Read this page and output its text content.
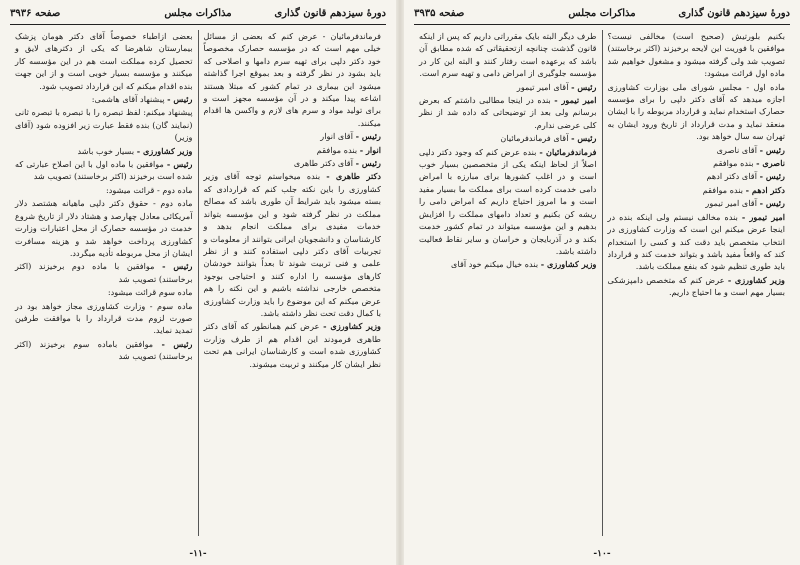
دورهٔ سیزدهم قانون گذاری
مذاکرات مجلس
صفحه ۳۹۳۶

فرماندفرمائیان - عرض کنم که بعضی از مسائل خیلی مهم است که در مؤسسه حصارک مخصوصاً خود دکتر دلپی برای تهیه سرم دامها و اصلاحی که باید بشود در نظر گرفته و بعد بموقع اجرا گذاشته میشود این بیماری در تمام کشور که مبتلا هستند اشاعه پیدا میکند و در آن مؤسسه مجهز است و برای تولید مواد و سرم های لازم و واکسن ها اقدام میکنند.

رئیس - آقای انوار

انوار - بنده موافقم

رئیس - آقای دکتر طاهری

دکتر طاهری - بنده میخواستم توجه آقای وزیر کشاورزی را باین نکته جلب کنم که قراردادی که بسته میشود باید شرایط آن طوری باشد که مصالح مملکت در نظر گرفته شود و این مؤسسه بتواند خدمات مفیدی برای مملکت انجام بدهد و کارشناسان و دانشجویان ایرانی بتوانند از معلومات و تجربیات آقای دکتر دلپی استفاده کنند و از نظر علمی و فنی تربیت شوند تا بعداً بتوانند خودشان کارهای مؤسسه را اداره کنند و احتیاجی بوجود متخصص خارجی نداشته باشیم و این نکته را هم عرض میکنم که این موضوع را باید وزارت کشاورزی با کمال دقت تحت نظر داشته باشد.

وزیر کشاورزی - عرض کنم همانطور که آقای دکتر طاهری فرمودند این اقدام هم از طرف وزارت کشاورزی شده است و کارشناسان ایرانی هم تحت نظر ایشان کار میکنند و تربیت میشوند.

بعضی ازاطباء خصوصاً آقای دکتر هومان پزشک بیمارستان شاهرضا که یکی از دکترهای لایق و تحصیل کرده مملکت است هم در این مؤسسه کار میکنند و مؤسسه بسیار خوبی است و از این جهت بنده اقدام میکنم که این قرارداد تصویب شود.

رئیس - پیشنهاد آقای هاشمی:

پیشنهاد میکنم: لفظ تبصره را با تبصره با تبصره ثانی (نمایند گان) بنده فقط عبارت زیر افزوده شود (آقای وزیر)

وزیر کشاورزی - بسیار خوب باشد

رئیس - موافقین با ماده اول با این اصلاح عبارتی که شده است برخیزند (اکثر برخاستند) تصویب شد

ماده دوم - قرائت میشود:

ماده دوم - حقوق دکتر دلپی ماهیانه هشتصد دلار آمریکائی معادل چهارصد و هشتاد دلار از تاریخ شروع خدمت در مؤسسه حصارک از محل اعتبارات وزارت کشاورزی پرداخت خواهد شد و هزینه مسافرت ایشان از محل مربوطه تأدیه میگردد.

رئیس - موافقین با ماده دوم برخیزند (اکثر برخاستند) تصویب شد

ماده سوم قرائت میشود:

ماده سوم - وزارت کشاورزی مجاز خواهد بود در صورت لزوم مدت قرارداد را با موافقت طرفین تمدید نماید.

رئیس - موافقین باماده سوم برخیزند (اکثر برخاستند) تصویب شد

-۱۱-
دورهٔ سیزدهم قانون گذاری
مذاکرات مجلس
صفحه ۳۹۳۵

بکنیم بلورتیش (صحیح است) مخالفی نیست؟ موافقین با فوریت این لایحه برخیزند (اکثر برخاستند) تصویب شد ولی گرفته میشود و مشغول خواهیم شد ماده اول قرائت میشود:

ماده اول - مجلس شورای ملی بوزارت کشاورزی اجازه میدهد که آقای دکتر دلپی را برای مؤسسه حصارک استخدام نماید و قرارداد مربوطه را با ایشان منعقد نماید و مدت قرارداد از تاریخ ورود ایشان به تهران سه سال خواهد بود.

رئیس - آقای ناصری

ناصری - بنده موافقم

رئیس - آقای دکتر ادهم

دکتر ادهم - بنده موافقم

رئیس - آقای امیر تیمور

امیر تیمور - بنده مخالف نیستم ولی اینکه بنده در اینجا عرض میکنم این است که وزارت کشاورزی در انتخاب متخصص باید دقت کند و کسی را استخدام کند که واقعاً مفید باشد و بتواند خدمت کند و قرارداد باید طوری تنظیم شود که بنفع مملکت باشد.

وزیر کشاورزی - عرض کنم که متخصص دامپزشکی بسیار مهم است و ما احتیاج داریم.

طرف دیگر البته بایک مقرراتی داریم که پس از اینکه قانون گذشت چنانچه ازتحقیقاتی که شده مطابق آن باشد که برعهده است رفتار کنند و البته این کار در مؤسسه جلوگیری از امراض دامی و تهیه سرم است.

رئیس - آقای امیر تیمور

امیر تیمور - بنده در اینجا مطالبی داشتم که بعرض برسانم ولی بعد از توضیحاتی که داده شد از نظر کلی عرضی ندارم.

رئیس - آقای فرماندفرمائیان

فرماندفرمائیان - بنده عرض کنم که وجود دکتر دلپی اصلاً از لحاظ اینکه یکی از متخصصین بسیار خوب است و در اغلب کشورها برای مبارزه با امراض دامی خدمت کرده است برای مملکت ما بسیار مفید است و ما امروز احتیاج داریم که امراض دامی را ریشه کن بکنیم و تعداد دامهای مملکت را افزایش بدهیم و این مؤسسه میتواند در تمام کشور خدمت بکند و در آذربایجان و خراسان و سایر نقاط فعالیت داشته باشد.

وزیر کشاورزی - بنده خیال میکنم خود آقای

-۱۰-
